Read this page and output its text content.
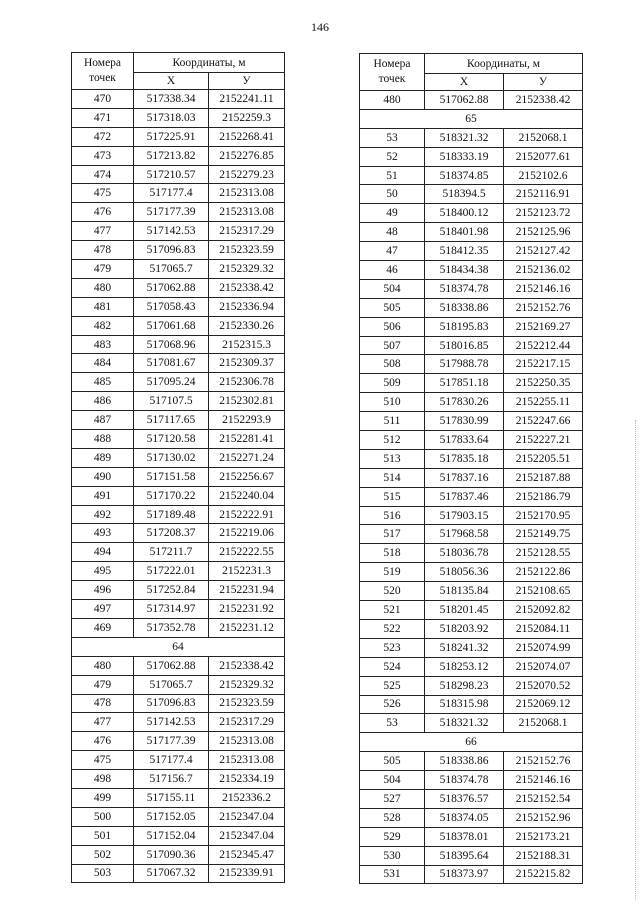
146
Номера точек	Координаты, м	
	X	У
470	517338.34	2152241.11
471	517318.03	2152259.3
472	517225.91	2152268.41
473	517213.82	2152276.85
474	517210.57	2152279.23
475	517177.4	2152313.08
476	517177.39	2152313.08
477	517142.53	2152317.29
478	517096.83	2152323.59
479	517065.7	2152329.32
480	517062.88	2152338.42
481	517058.43	2152336.94
482	517061.68	2152330.26
483	517068.96	2152315.3
484	517081.67	2152309.37
485	517095.24	2152306.78
486	517107.5	2152302.81
487	517117.65	2152293.9
488	517120.58	2152281.41
489	517130.02	2152271.24
490	517151.58	2152256.67
491	517170.22	2152240.04
492	517189.48	2152222.91
493	517208.37	2152219.06
494	517211.7	2152222.55
495	517222.01	2152231.3
496	517252.84	2152231.94
497	517314.97	2152231.92
469	517352.78	2152231.12
64		
480	517062.88	2152338.42
479	517065.7	2152329.32
478	517096.83	2152323.59
477	517142.53	2152317.29
476	517177.39	2152313.08
475	517177.4	2152313.08
498	517156.7	2152334.19
499	517155.11	2152336.2
500	517152.05	2152347.04
501	517152.04	2152347.04
502	517090.36	2152345.47
503	517067.32	2152339.91
Номера точек	Координаты, м	
	X	У
480	517062.88	2152338.42
65		
53	518321.32	2152068.1
52	518333.19	2152077.61
51	518374.85	2152102.6
50	518394.5	2152116.91
49	518400.12	2152123.72
48	518401.98	2152125.96
47	518412.35	2152127.42
46	518434.38	2152136.02
504	518374.78	2152146.16
505	518338.86	2152152.76
506	518195.83	2152169.27
507	518016.85	2152212.44
508	517988.78	2152217.15
509	517851.18	2152250.35
510	517830.26	2152255.11
511	517830.99	2152247.66
512	517833.64	2152227.21
513	517835.18	2152205.51
514	517837.16	2152187.88
515	517837.46	2152186.79
516	517903.15	2152170.95
517	517968.58	2152149.75
518	518036.78	2152128.55
519	518056.36	2152122.86
520	518135.84	2152108.65
521	518201.45	2152092.82
522	518203.92	2152084.11
523	518241.32	2152074.99
524	518253.12	2152074.07
525	518298.23	2152070.52
526	518315.98	2152069.12
53	518321.32	2152068.1
66		
505	518338.86	2152152.76
504	518374.78	2152146.16
527	518376.57	2152152.54
528	518374.05	2152152.96
529	518378.01	2152173.21
530	518395.64	2152188.31
531	518373.97	2152215.82
